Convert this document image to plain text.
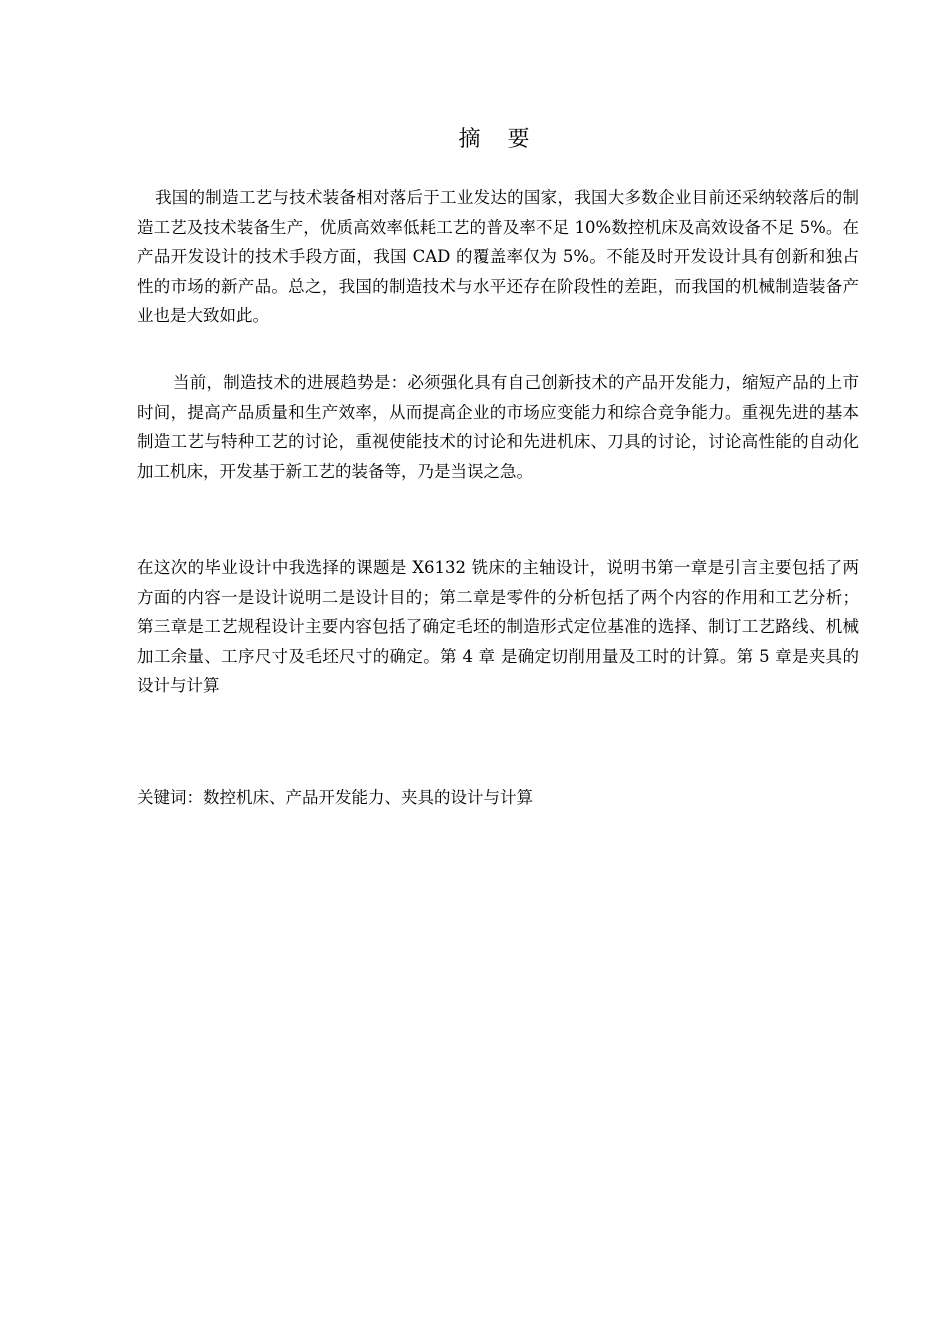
摘 要

我国的制造工艺与技术装备相对落后于工业发达的国家，我国大多数企业目前还采纳较落后的制造工艺及技术装备生产，优质高效率低耗工艺的普及率不足 10%数控机床及高效设备不足 5%。在产品开发设计的技术手段方面，我国 CAD 的覆盖率仅为 5%。不能及时开发设计具有创新和独占性的市场的新产品。总之，我国的制造技术与水平还存在阶段性的差距，而我国的机械制造装备产业也是大致如此。

当前，制造技术的进展趋势是：必须强化具有自己创新技术的产品开发能力，缩短产品的上市时间，提高产品质量和生产效率，从而提高企业的市场应变能力和综合竞争能力。重视先进的基本制造工艺与特种工艺的讨论，重视使能技术的讨论和先进机床、刀具的讨论，讨论高性能的自动化加工机床，开发基于新工艺的装备等，乃是当误之急。

在这次的毕业设计中我选择的课题是 X6132 铣床的主轴设计，说明书第一章是引言主要包括了两方面的内容一是设计说明二是设计目的；第二章是零件的分析包括了两个内容的作用和工艺分析；第三章是工艺规程设计主要内容包括了确定毛坯的制造形式定位基准的选择、制订工艺路线、机械加工余量、工序尺寸及毛坯尺寸的确定。第 4 章 是确定切削用量及工时的计算。第 5 章是夹具的设计与计算

关键词：数控机床、产品开发能力、夹具的设计与计算
